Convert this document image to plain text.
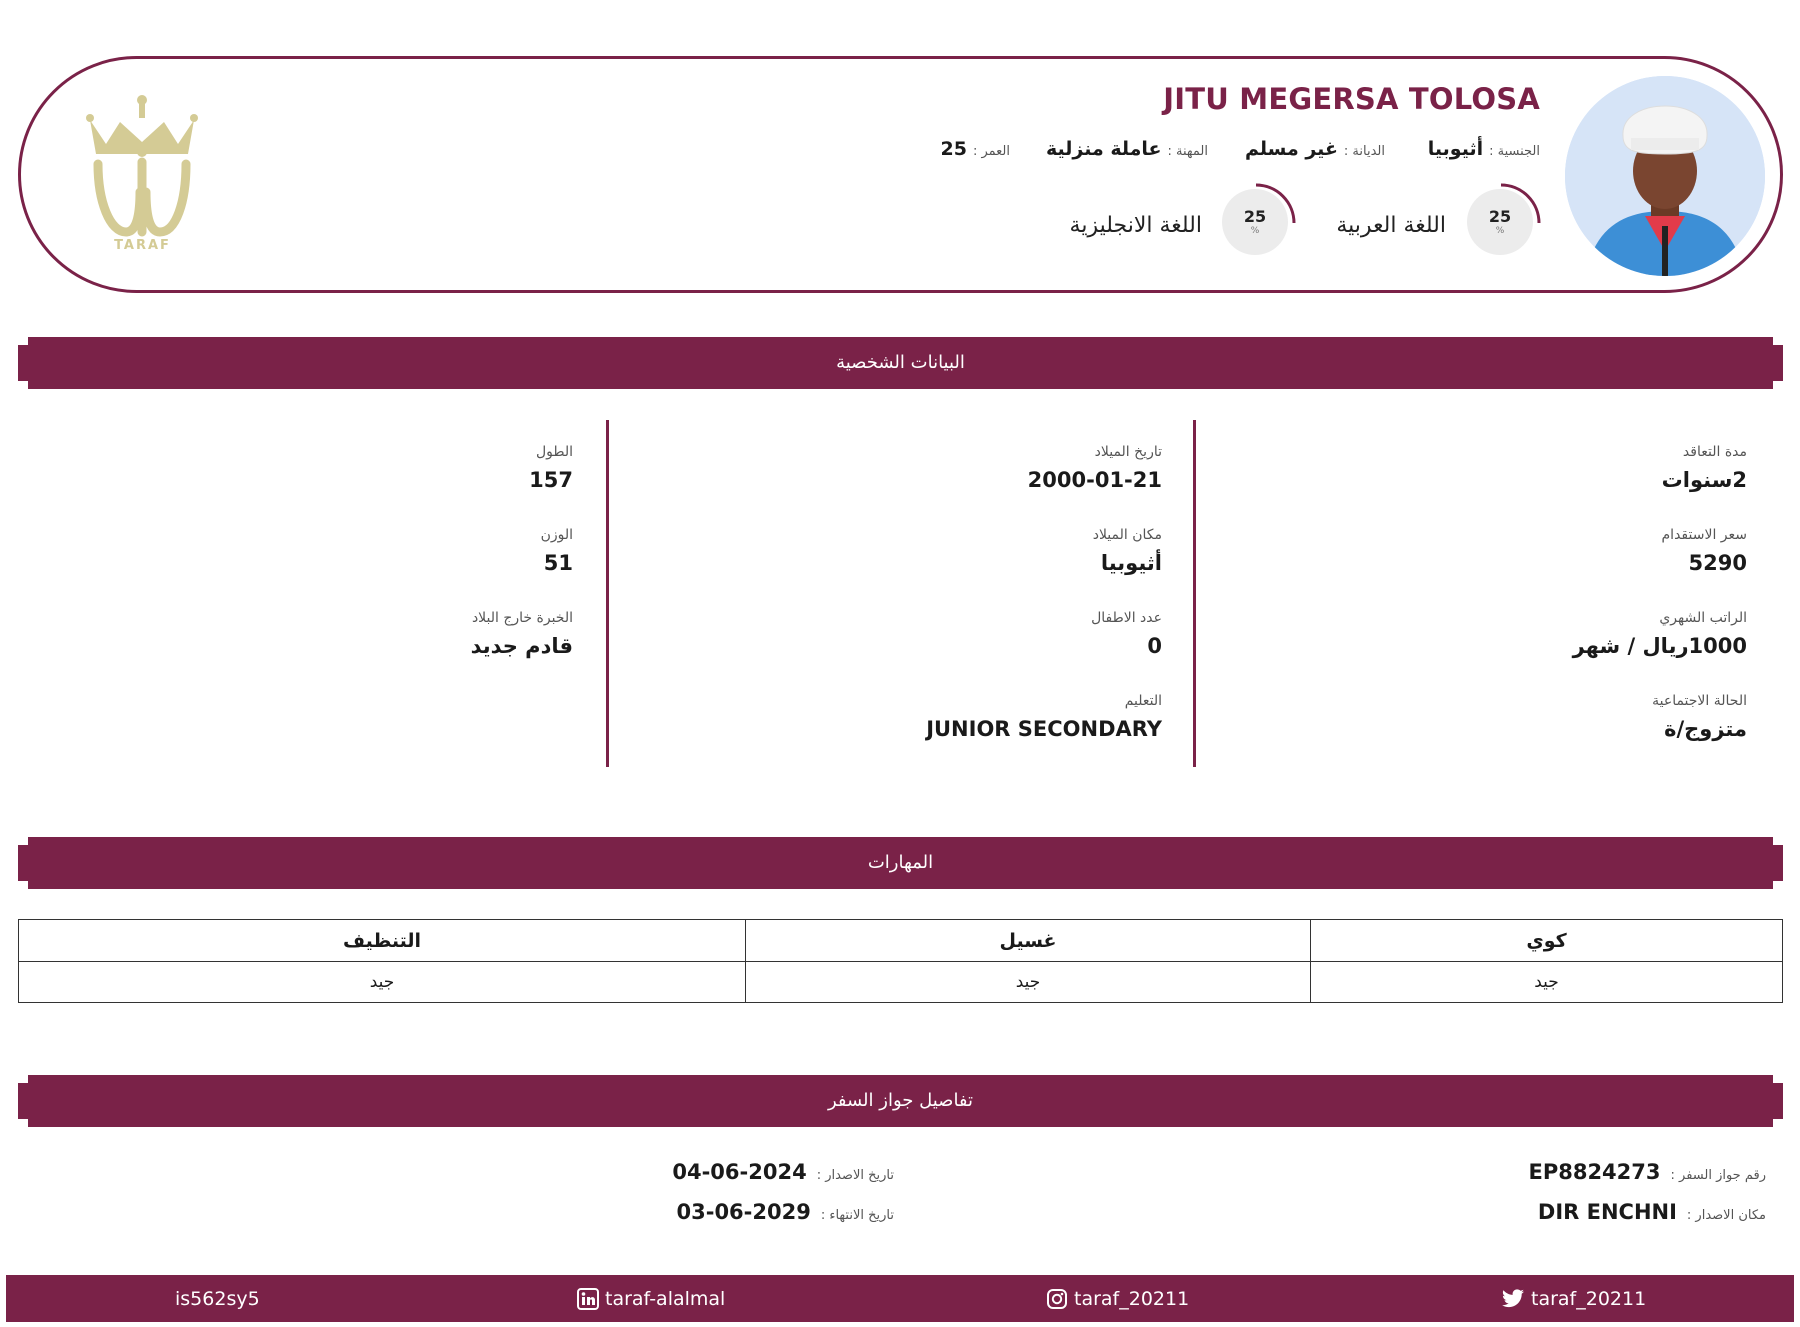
JITU MEGERSA TOLOSA
الجنسية :أثيوبيا
الديانة :غير مسلم
المهنة :عاملة منزلية
العمر :25
25
%
اللغة العربية
25
%
اللغة الانجليزية
TARAF
البيانات الشخصية
مدة التعاقد
2سنوات
سعر الاستقدام
5290
الراتب الشهري
1000ريال / شهر
الحالة الاجتماعية
متزوج/ة
تاريخ الميلاد
2000-01-21
مكان الميلاد
أثيوبيا
عدد الاطفال
0
التعليم
JUNIOR SECONDARY
الطول
157
الوزن
51
الخبرة خارج البلاد
قادم جديد
المهارات
كوي	غسيل	التنظيف
جيد	جيد	جيد
تفاصيل جواز السفر
رقم جواز السفر :EP8824273
مكان الاصدار :DIR ENCHNI
تاريخ الاصدار :2024-06-04
تاريخ الانتهاء :2029-06-03
is562sy5	taraf-alalmal	taraf_20211	taraf_20211
